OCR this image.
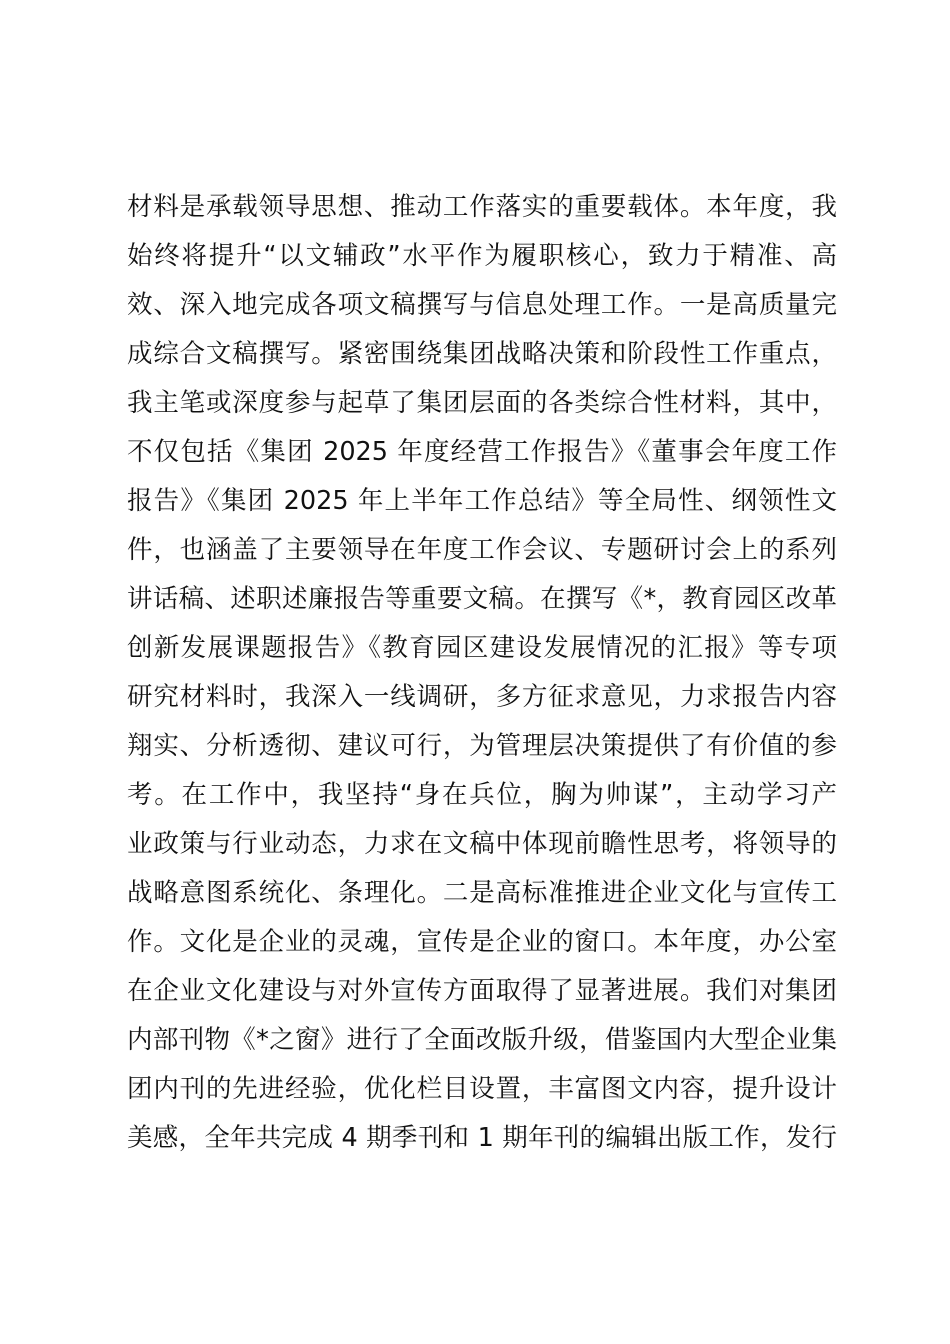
材料是承载领导思想、推动工作落实的重要载体。本年度，我
始终将提升“以文辅政”水平作为履职核心，致力于精准、高
效、深入地完成各项文稿撰写与信息处理工作。一是高质量完
成综合文稿撰写。紧密围绕集团战略决策和阶段性工作重点，
我主笔或深度参与起草了集团层面的各类综合性材料，其中，
不仅包括《集团 2025 年度经营工作报告》《董事会年度工作
报告》《集团 2025 年上半年工作总结》等全局性、纲领性文
件，也涵盖了主要领导在年度工作会议、专题研讨会上的系列
讲话稿、述职述廉报告等重要文稿。在撰写《*，教育园区改革
创新发展课题报告》《教育园区建设发展情况的汇报》等专项
研究材料时，我深入一线调研，多方征求意见，力求报告内容
翔实、分析透彻、建议可行，为管理层决策提供了有价值的参
考。在工作中，我坚持“身在兵位，胸为帅谋”，主动学习产
业政策与行业动态，力求在文稿中体现前瞻性思考，将领导的
战略意图系统化、条理化。二是高标准推进企业文化与宣传工
作。文化是企业的灵魂，宣传是企业的窗口。本年度，办公室
在企业文化建设与对外宣传方面取得了显著进展。我们对集团
内部刊物《*之窗》进行了全面改版升级，借鉴国内大型企业集
团内刊的先进经验，优化栏目设置，丰富图文内容，提升设计
美感，全年共完成 4 期季刊和 1 期年刊的编辑出版工作，发行
